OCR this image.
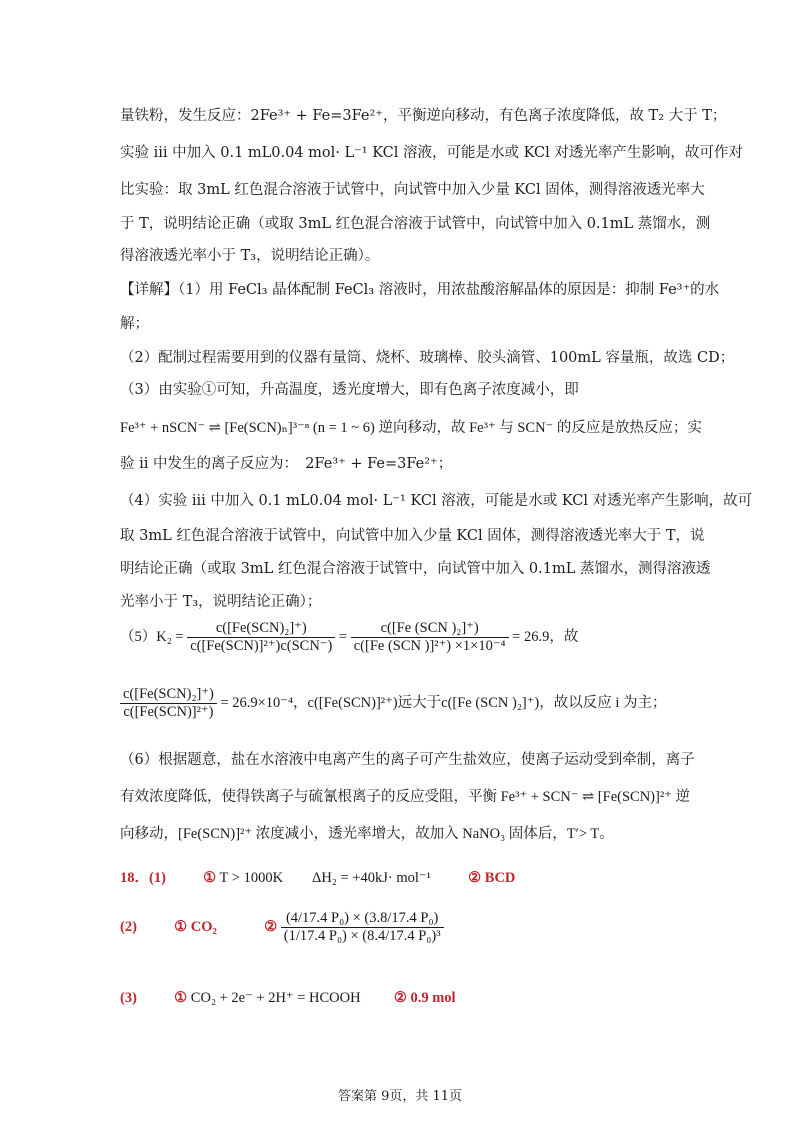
量铁粉，发生反应：2Fe³⁺ + Fe=3Fe²⁺，平衡逆向移动，有色离子浓度降低，故 T₂ 大于 T；
实验 iii 中加入 0.1 mL0.04 mol· L⁻¹ KCl 溶液，可能是水或 KCl 对透光率产生影响，故可作对
比实验：取 3mL 红色混合溶液于试管中，向试管中加入少量 KCl 固体，测得溶液透光率大
于 T，说明结论正确（或取 3mL 红色混合溶液于试管中，向试管中加入 0.1mL 蒸馏水，测
得溶液透光率小于 T₃，说明结论正确）。
【详解】（1）用 FeCl₃ 晶体配制 FeCl₃ 溶液时，用浓盐酸溶解晶体的原因是：抑制 Fe³⁺的水
解；
（2）配制过程需要用到的仪器有量筒、烧杯、玻璃棒、胶头滴管、100mL 容量瓶，故选 CD；
（3）由实验①可知，升高温度，透光度增大，即有色离子浓度减小，即
Fe³⁺ + nSCN⁻ ⇌ [Fe(SCN)ₙ]³⁻ⁿ (n = 1 ~ 6) 逆向移动，故 Fe³⁺ 与 SCN⁻ 的反应是放热反应；实
验 ii 中发生的离子反应为：　2Fe³⁺ + Fe=3Fe²⁺；
（4）实验 iii 中加入 0.1 mL0.04 mol· L⁻¹ KCl 溶液，可能是水或 KCl 对透光率产生影响，故可
取 3mL 红色混合溶液于试管中，向试管中加入少量 KCl 固体，测得溶液透光率大于 T，说
明结论正确（或取 3mL 红色混合溶液于试管中，向试管中加入 0.1mL 蒸馏水，测得溶液透
光率小于 T₃，说明结论正确）；
$(5)K_2 = \frac{\text{c([Fe(SCN)₂]⁺)}}{\text{c([Fe(SCN)]²⁺)c(SCN⁻)}} = \frac{\text{c([Fe (SCN )₂]⁺)}}{\text{c([Fe (SCN )]²⁺) ×1×10⁻⁴}} = 26.9$，故
$\frac{\text{c([Fe(SCN)₂]⁺)}}{\text{c([Fe(SCN)]²⁺)}} = 26.9\times 10^{-4}$，c([Fe(SCN)]²⁺)远大于c([Fe (SCN )₂]⁺)，故以反应 i 为主；
（6）根据题意，盐在水溶液中电离产生的离子可产生盐效应，使离子运动受到牵制，离子
有效浓度降低，使得铁离子与硫氰根离子的反应受阻，平衡 Fe³⁺ + SCN⁻ ⇌ [Fe(SCN)]²⁺ 逆
向移动，[Fe(SCN)]²⁺ 浓度减小，透光率增大，故加入 NaNO₃ 固体后，T′> T。
18．(1)	① T > 1000K　　ΔH₂ = +40kJ· mol⁻¹	② BCD
(2)	① CO₂	② $\frac{\text{(4/17.4 P₀) × (3.8/17.4 P₀)}}{\text{(1/17.4 P₀) × (8.4/17.4 P₀)³}}$
(3)	① CO₂ + 2e⁻ + 2H⁺ = HCOOH ② 0.9 mol
答案第 9页，共 11页
